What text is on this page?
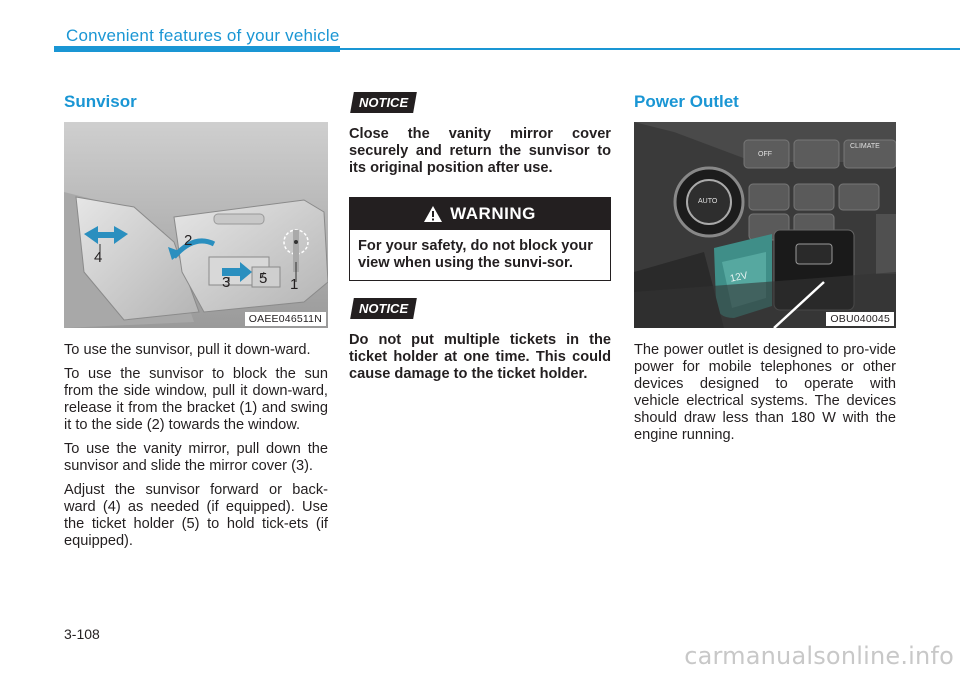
Convenient features of your vehicle
Sunvisor
1
2
3
4
5
OAEE046511N

To use the sunvisor, pull it down-ward.

To use the sunvisor to block the sun from the side window, pull it down-ward, release it from the bracket (1) and swing it to the side (2) towards the window.

To use the vanity mirror, pull down the sunvisor and slide the mirror cover (3).

Adjust the sunvisor forward or back-ward (4) as needed (if equipped). Use the ticket holder (5) to hold tick-ets (if equipped).

NOTICE

Close the vanity mirror cover securely and return the sunvisor to its original position after use.

WARNING
For your safety, do not block your view when using the sunvi-sor.
NOTICE

Do not put multiple tickets in the ticket holder at one time. This could cause damage to the ticket holder.

Power Outlet
OFF
CLIMATE
AUTO
12V
OBU040045

The power outlet is designed to pro-vide power for mobile telephones or other devices designed to operate with vehicle electrical systems. The devices should draw less than 180 W with the engine running.

3-108
carmanualsonline.info
